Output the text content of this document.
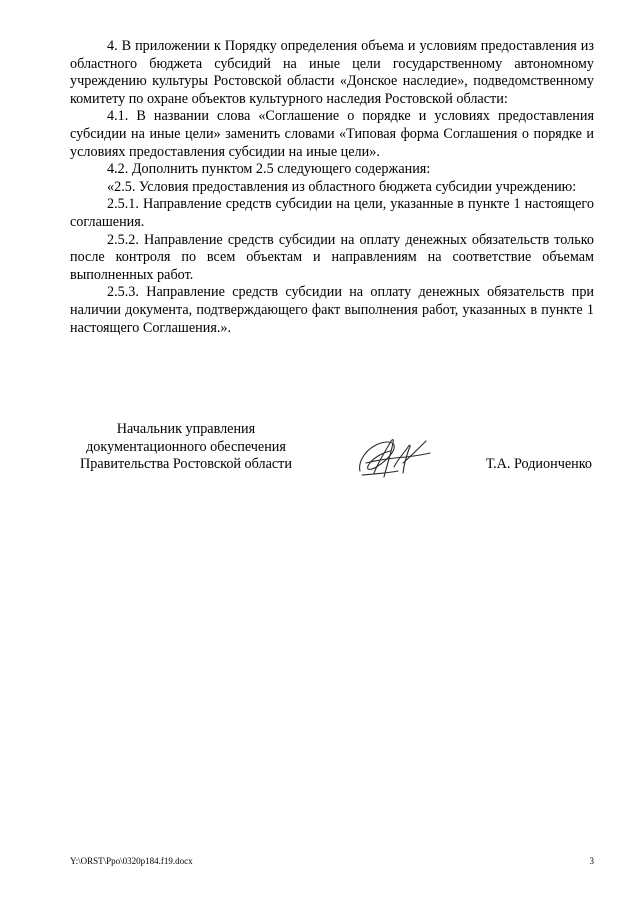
4. В приложении к Порядку определения объема и условиям предоставления из областного бюджета субсидий на иные цели государственному автономному учреждению культуры Ростовской области «Донское наследие», подведомственному комитету по охране объектов культурного наследия Ростовской области:

4.1. В названии слова «Соглашение о порядке и условиях предоставления субсидии на иные цели» заменить словами «Типовая форма Соглашения о порядке и условиях предоставления субсидии на иные цели».

4.2. Дополнить пунктом 2.5 следующего содержания:

«2.5. Условия предоставления из областного бюджета субсидии учреждению:

2.5.1. Направление средств субсидии на цели, указанные в пункте 1 настоящего соглашения.

2.5.2. Направление средств субсидии на оплату денежных обязательств только после контроля по всем объектам и направлениям на соответствие объемам выполненных работ.

2.5.3. Направление средств субсидии на оплату денежных обязательств при наличии документа, подтверждающего факт выполнения работ, указанных в пункте 1 настоящего Соглашения.».

Начальник управления
документационного обеспечения
Правительства Ростовской области	Т.А. Родионченко
Y:\ORST\Ppo\0320p184.f19.docx	3
